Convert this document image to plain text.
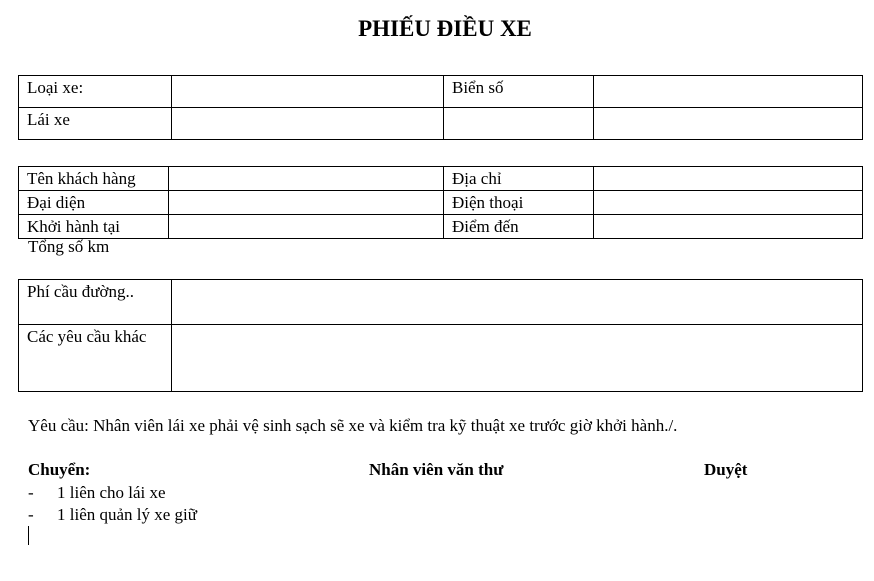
PHIẾU ĐIỀU XE
Loại xe:		Biển số	
Lái xe			
Tên khách hàng		Địa chỉ	
Đại diện		Điện thoại	
Khởi hành tại		Điểm đến	
Tổng số km
Phí cầu đường..	
Các yêu cầu khác	
Yêu cầu: Nhân viên lái xe phải vệ sinh sạch sẽ xe và kiểm tra kỹ thuật xe trước giờ khởi hành./.
Chuyển:	Nhân viên văn thư	Duyệt
- 1 liên cho lái xe
- 1 liên quản lý xe giữ
